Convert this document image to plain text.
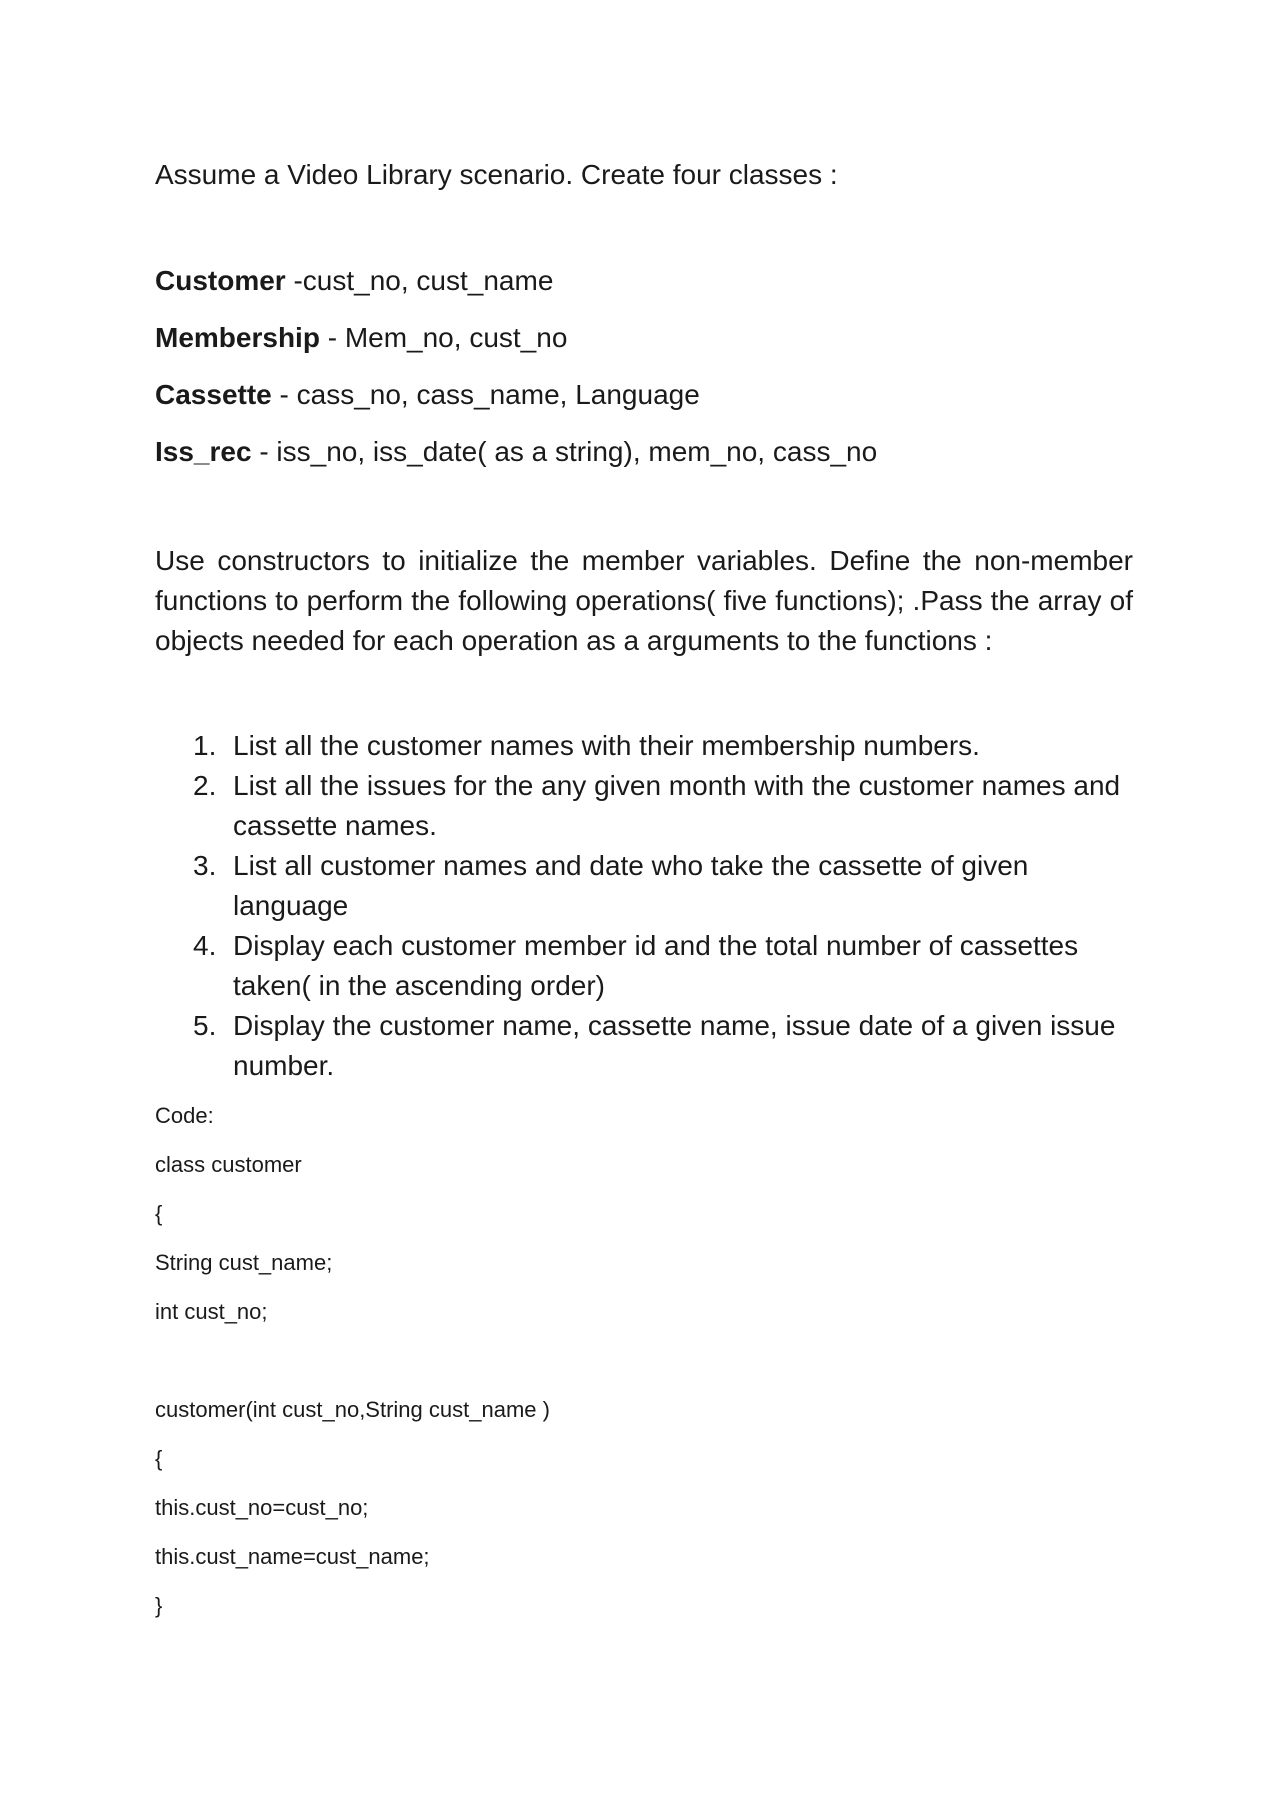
Assume a Video Library scenario. Create four classes :

Customer -cust_no, cust_name
Membership - Mem_no, cust_no
Cassette - cass_no, cass_name, Language
Iss_rec - iss_no, iss_date( as a string), mem_no, cass_no

Use constructors to initialize the member variables. Define the non-member functions to perform the following operations( five functions); .Pass the array of objects needed for each operation as a arguments to the functions :

1. List all the customer names with their membership numbers.
2. List all the issues for the any given month with the customer names and cassette names.
3. List all customer names and date who take the cassette of given language
4. Display each customer member id and the total number of cassettes taken( in the ascending order)
5. Display the customer name, cassette name, issue date of a given issue number.

Code:

class customer
{
String cust_name;
int cust_no;
customer(int cust_no,String cust_name )
{
this.cust_no=cust_no;
this.cust_name=cust_name;
}
